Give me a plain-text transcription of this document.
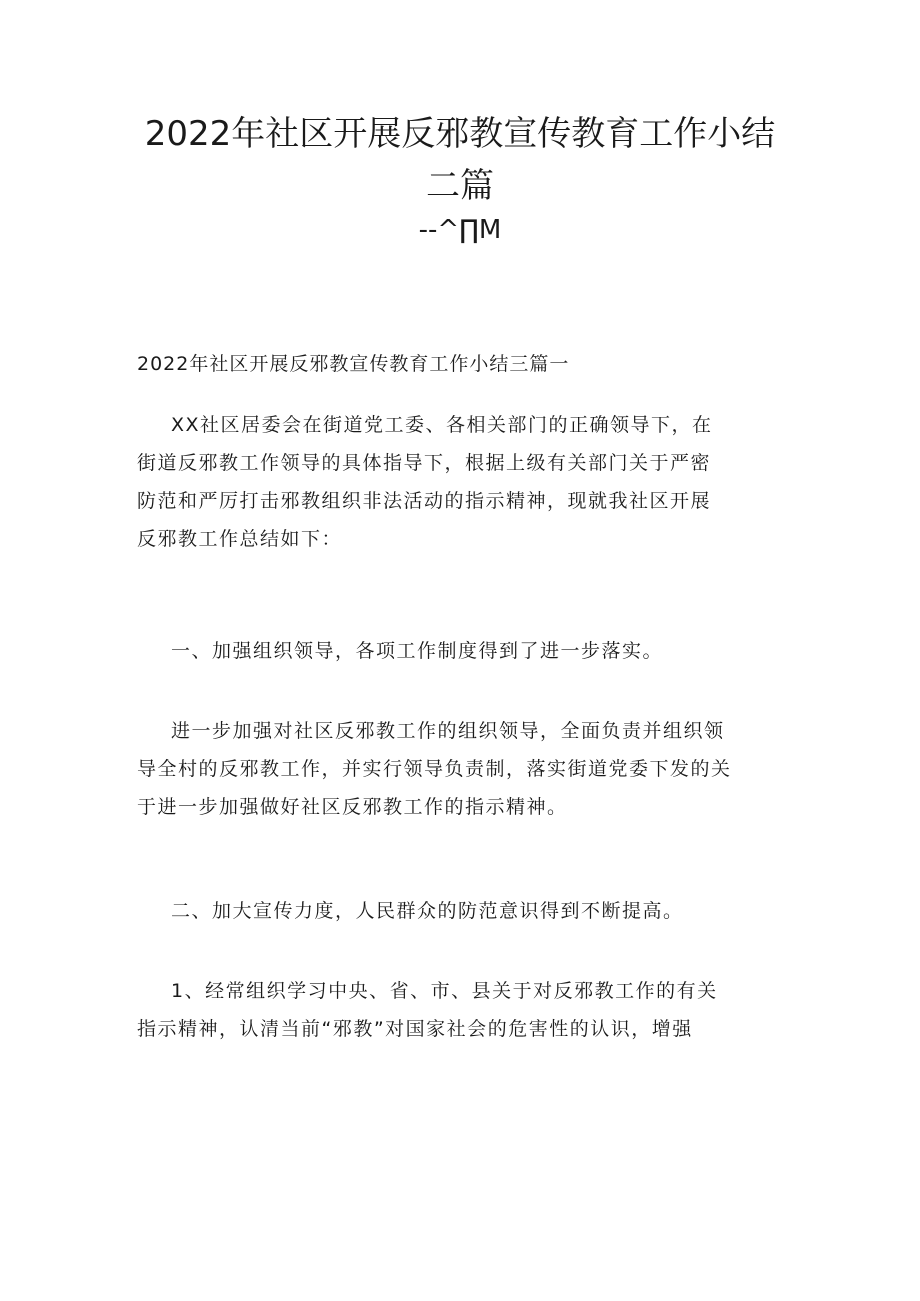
2022年社区开展反邪教宣传教育工作小结
二篇
--^∏M
2022年社区开展反邪教宣传教育工作小结三篇一
XX社区居委会在街道党工委、各相关部门的正确领导下，在
街道反邪教工作领导的具体指导下，根据上级有关部门关于严密
防范和严厉打击邪教组织非法活动的指示精神，现就我社区开展
反邪教工作总结如下：
一、加强组织领导，各项工作制度得到了进一步落实。
进一步加强对社区反邪教工作的组织领导，全面负责并组织领
导全村的反邪教工作，并实行领导负责制，落实街道党委下发的关
于进一步加强做好社区反邪教工作的指示精神。
二、加大宣传力度，人民群众的防范意识得到不断提高。
1、经常组织学习中央、省、市、县关于对反邪教工作的有关
指示精神，认清当前“邪教”对国家社会的危害性的认识，增强
